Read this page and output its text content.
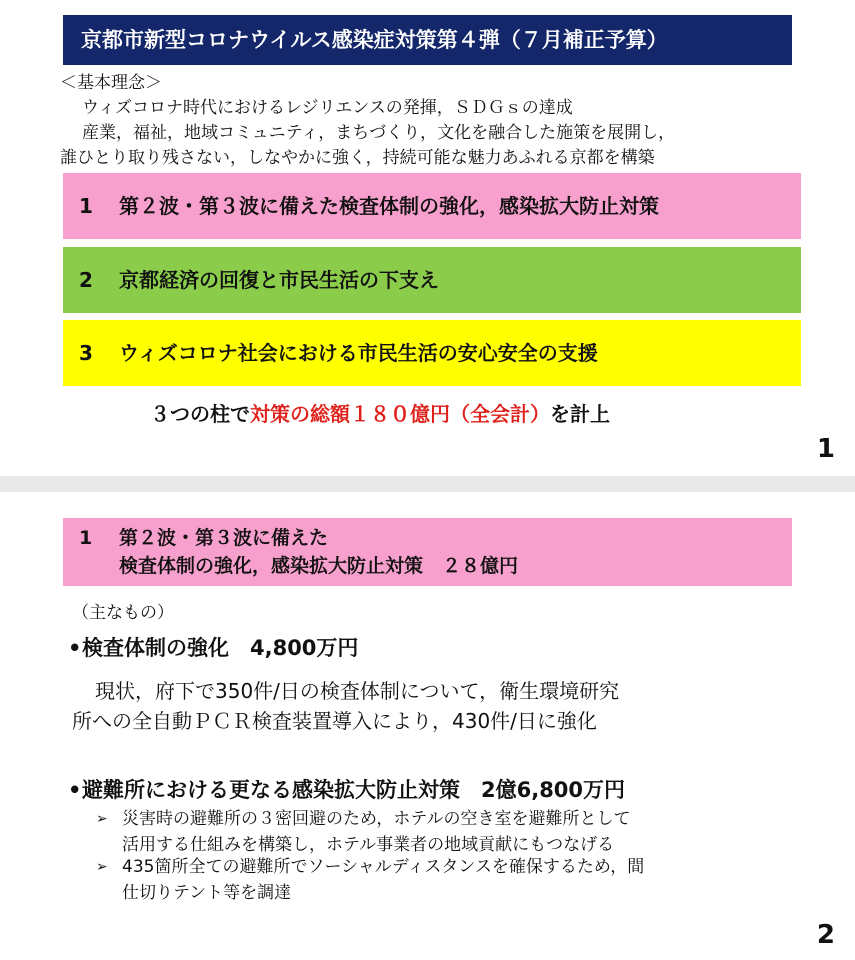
京都市新型コロナウイルス感染症対策第４弾（７月補正予算）
＜基本理念＞
ウィズコロナ時代におけるレジリエンスの発揮，ＳＤＧｓの達成
産業，福祉，地域コミュニティ，まちづくり，文化を融合した施策を展開し，
誰ひとり取り残さない，しなやかに強く，持続可能な魅力あふれる京都を構築
1 第２波・第３波に備えた検査体制の強化，感染拡大防止対策
2 京都経済の回復と市民生活の下支え
3 ウィズコロナ社会における市民生活の安心安全の支援
３つの柱で対策の総額１８０億円（全会計）を計上
1
1 第２波・第３波に備えた
検査体制の強化，感染拡大防止対策　２８億円
（主なもの）
•検査体制の強化　4,800万円
現状，府下で350件/日の検査体制について，衛生環境研究
所への全自動ＰＣＲ検査装置導入により，430件/日に強化
•避難所における更なる感染拡大防止対策　2億6,800万円
➢ 災害時の避難所の３密回避のため，ホテルの空き室を避難所として
活用する仕組みを構築し，ホテル事業者の地域貢献にもつなげる
➢ 435箇所全ての避難所でソーシャルディスタンスを確保するため，間
仕切りテント等を調達
2
